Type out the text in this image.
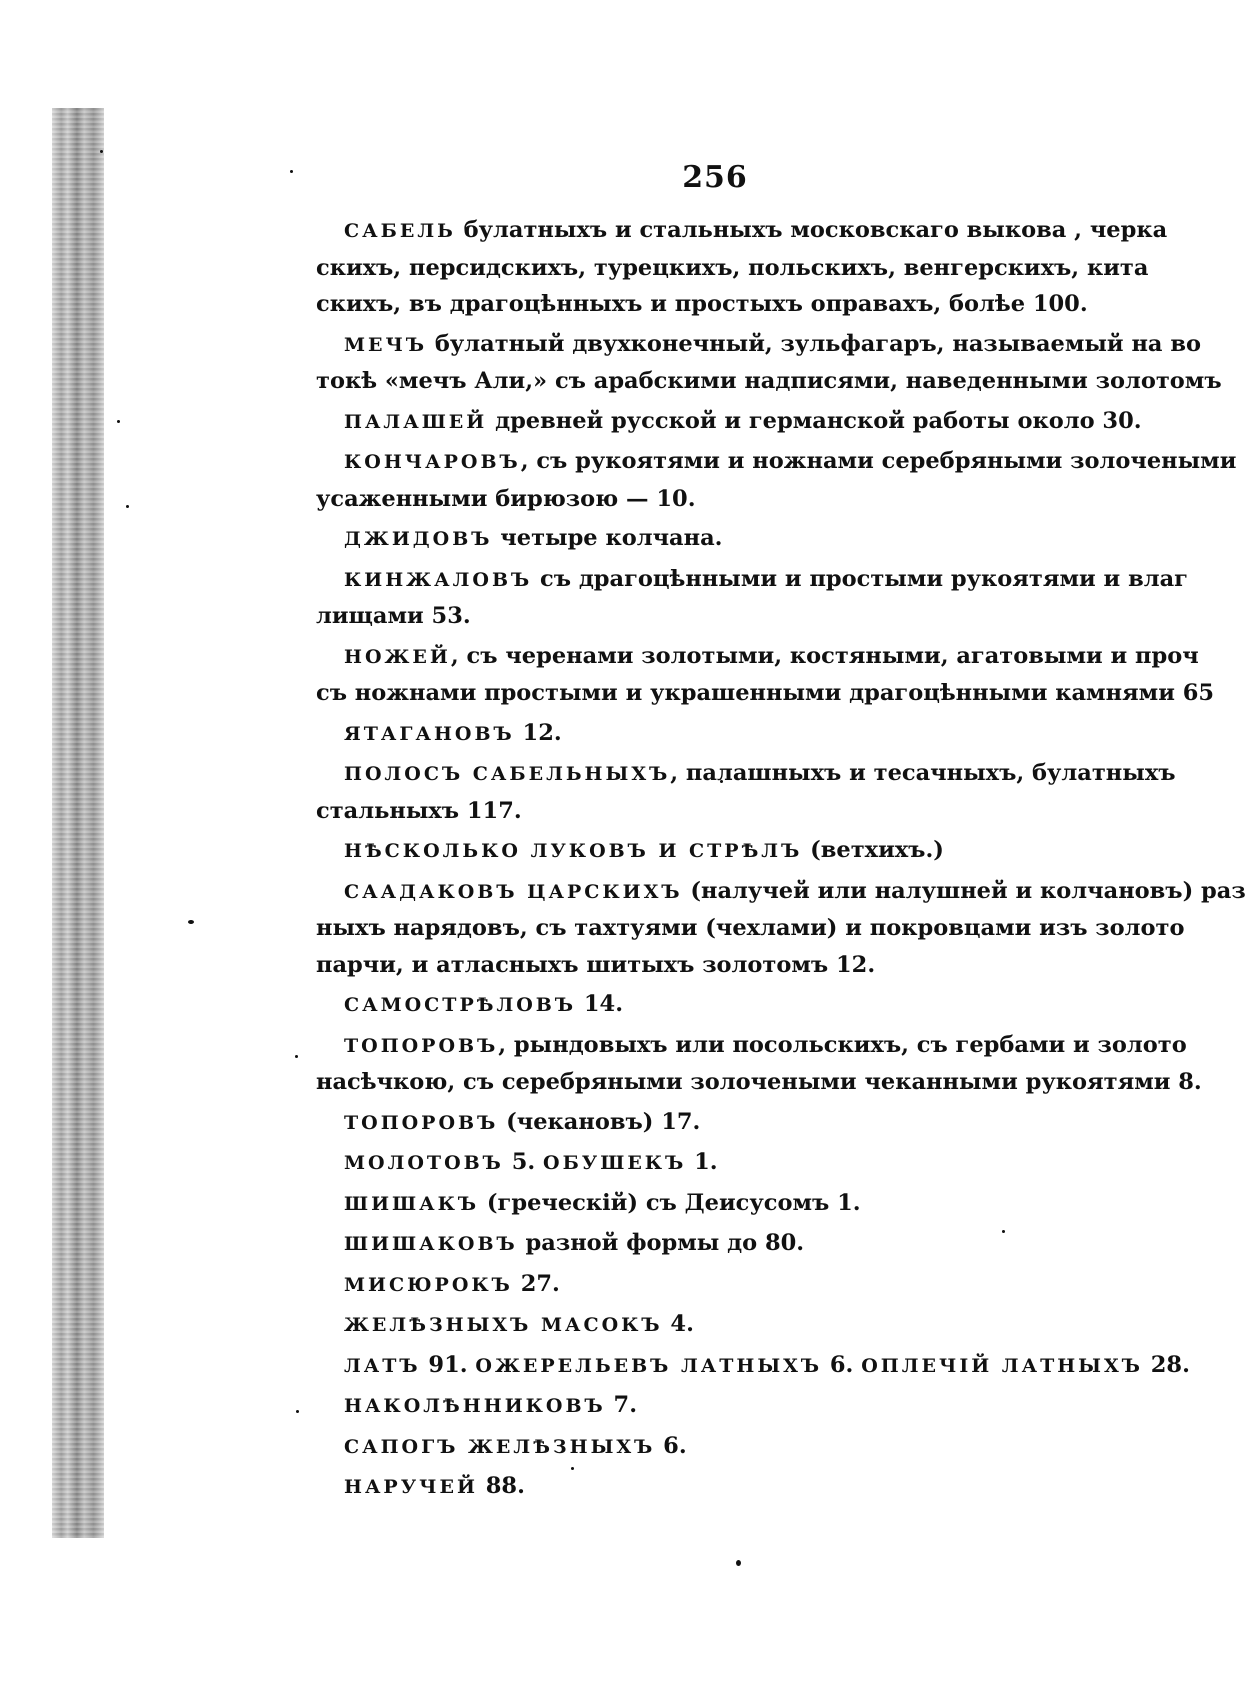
256
САБЕЛЬ булатныхъ и стальныхъ московскаго выкова , черка
скихъ, персидскихъ, турецкихъ, польскихъ, венгерскихъ, кита
скихъ, въ драгоцѣнныхъ и простыхъ оправахъ, болѣе 100.
МЕЧЪ булатный двухконечный, зульфагаръ, называемый на во
токѣ «мечъ Али,» съ арабскими надписями, наведенными золотомъ
ПАЛАШЕЙ древней русской и германской работы около 30.
КОНЧАРОВЪ, съ рукоятями и ножнами серебряными золочеными
усаженными бирюзою — 10.
ДЖИДОВЪ четыре колчана.
КИНЖАЛОВЪ съ драгоцѣнными и простыми рукоятями и влаг
лищами 53.
НОЖЕЙ, съ черенами золотыми, костяными, агатовыми и проч
съ ножнами простыми и украшенными драгоцѣнными камнями 65
ЯТАГАНОВЪ 12.
ПОЛОСЪ САБЕЛЬНЫХЪ, палашныхъ и тесачныхъ, булатныхъ
стальныхъ 117.
НѢСКОЛЬКО ЛУКОВЪ И СТРѢЛЪ (ветхихъ.)
СААДАКОВЪ ЦАРСКИХЪ (налучей или налушней и колчановъ) раз
ныхъ нарядовъ, съ тахтуями (чехлами) и покровцами изъ золото
парчи, и атласныхъ шитыхъ золотомъ 12.
САМОСТРѢЛОВЪ 14.
ТОПОРОВЪ, рындовыхъ или посольскихъ, съ гербами и золото
насѣчкою, съ серебряными золочеными чеканными рукоятями 8.
ТОПОРОВЪ (чекановъ) 17.
МОЛОТОВЪ 5. ОБУШЕКЪ 1.
ШИШАКЪ (греческій) съ Деисусомъ 1.
ШИШАКОВЪ разной формы до 80.
МИСЮРОКЪ 27.
ЖЕЛѢЗНЫХЪ МАСОКЪ 4.
ЛАТЪ 91. ОЖЕРЕЛЬЕВЪ ЛАТНЫХЪ 6. ОПЛЕЧІЙ ЛАТНЫХЪ 28.
НАКОЛѢННИКОВЪ 7.
САПОГЪ ЖЕЛѢЗНЫХЪ 6.
НАРУЧЕЙ 88.
